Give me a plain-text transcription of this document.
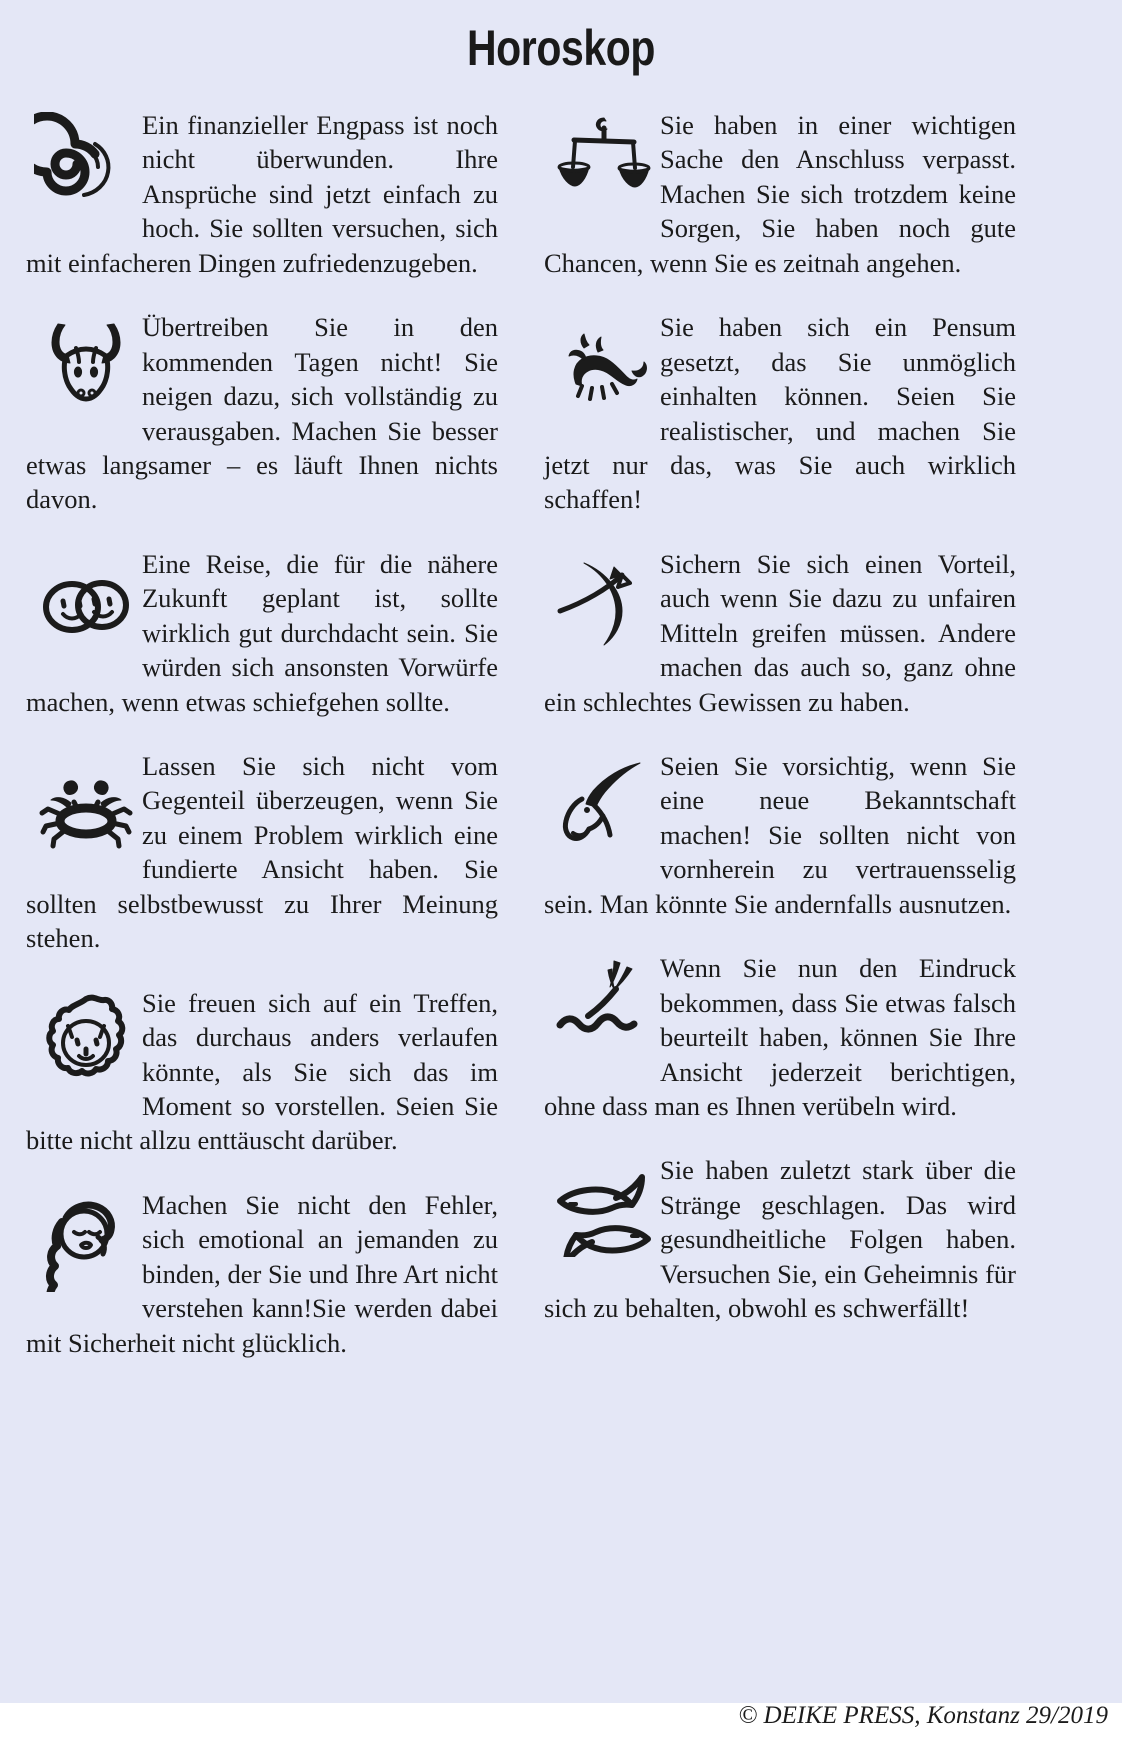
Horoskop

Ein finanzieller Engpass ist noch nicht überwunden. Ihre Ansprüche sind jetzt einfach zu hoch. Sie sollten versuchen, sich mit einfacheren Dingen zufriedenzugeben.

Übertreiben Sie in den kommenden Tagen nicht! Sie neigen dazu, sich vollständig zu verausgaben. Machen Sie besser etwas langsamer – es läuft Ihnen nichts davon.

Eine Reise, die für die nähere Zukunft geplant ist, sollte wirklich gut durchdacht sein. Sie würden sich ansonsten Vorwürfe machen, wenn etwas schiefgehen sollte.

Lassen Sie sich nicht vom Gegenteil überzeugen, wenn Sie zu einem Problem wirklich eine fundierte Ansicht haben. Sie sollten selbstbewusst zu Ihrer Meinung stehen.

Sie freuen sich auf ein Treffen, das durchaus anders verlaufen könnte, als Sie sich das im Moment so vorstellen. Seien Sie bitte nicht allzu enttäuscht darüber.

Machen Sie nicht den Fehler, sich emotional an jemanden zu binden, der Sie und Ihre Art nicht verstehen kann!Sie werden dabei mit Sicherheit nicht glücklich.

Sie haben in einer wichtigen Sache den Anschluss verpasst. Machen Sie sich trotzdem keine Sorgen, Sie haben noch gute Chancen, wenn Sie es zeitnah angehen.

Sie haben sich ein Pensum gesetzt, das Sie unmöglich einhalten können. Seien Sie realistischer, und machen Sie jetzt nur das, was Sie auch wirklich schaffen!

Sichern Sie sich einen Vorteil, auch wenn Sie dazu zu unfairen Mitteln greifen müssen. Andere machen das auch so, ganz ohne ein schlechtes Gewissen zu haben.

Seien Sie vorsichtig, wenn Sie eine neue Bekanntschaft machen! Sie sollten nicht von vornherein zu vertrauensselig sein. Man könnte Sie andernfalls ausnutzen.

Wenn Sie nun den Eindruck bekommen, dass Sie etwas falsch beurteilt haben, können Sie Ihre Ansicht jederzeit berichtigen, ohne dass man es Ihnen verübeln wird.

Sie haben zuletzt stark über die Stränge geschlagen. Das wird gesundheitliche Folgen haben. Versuchen Sie, ein Geheimnis für sich zu behalten, obwohl es schwerfällt!

© DEIKE PRESS, Konstanz 29/2019
